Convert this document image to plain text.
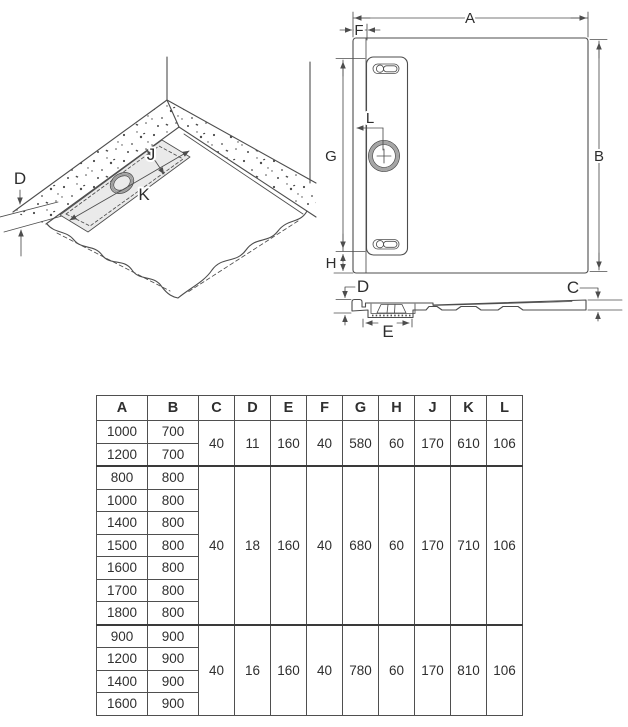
D
J
K
A
F
L
G
H
B
D	C
E
A	B	C	D	E	F	G	H	J	K	L
1000	700	40	11	160	40	580	60	170	610	106
1200	700									
800	800	40	18	160	40	680	60	170	710	106
1000	800									
1400	800									
1500	800									
1600	800									
1700	800									
1800	800									
900	900	40	16	160	40	780	60	170	810	106
1200	900									
1400	900									
1600	900									
